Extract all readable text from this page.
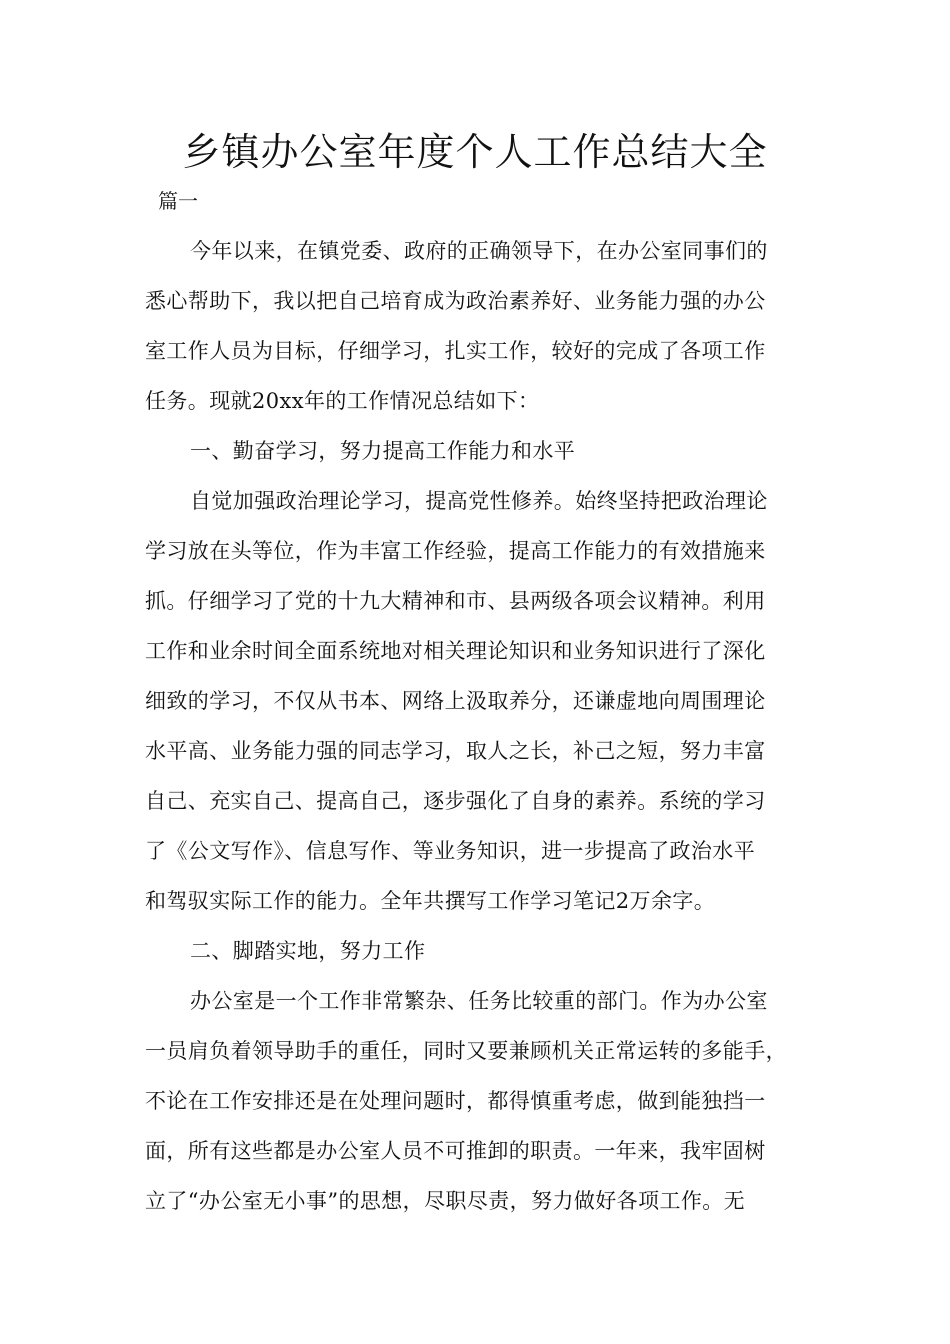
乡镇办公室年度个人工作总结大全
篇一
今年以来，在镇党委、政府的正确领导下，在办公室同事们的
悉心帮助下，我以把自己培育成为政治素养好、业务能力强的办公
室工作人员为目标，仔细学习，扎实工作，较好的完成了各项工作
任务。现就20xx年的工作情况总结如下：
一、勤奋学习，努力提高工作能力和水平
自觉加强政治理论学习，提高党性修养。始终坚持把政治理论
学习放在头等位，作为丰富工作经验，提高工作能力的有效措施来
抓。仔细学习了党的十九大精神和市、县两级各项会议精神。利用
工作和业余时间全面系统地对相关理论知识和业务知识进行了深化
细致的学习，不仅从书本、网络上汲取养分，还谦虚地向周围理论
水平高、业务能力强的同志学习，取人之长，补己之短，努力丰富
自己、充实自己、提高自己，逐步强化了自身的素养。系统的学习
了《公文写作》、信息写作、等业务知识，进一步提高了政治水平
和驾驭实际工作的能力。全年共撰写工作学习笔记2万余字。
二、脚踏实地，努力工作
办公室是一个工作非常繁杂、任务比较重的部门。作为办公室
一员肩负着领导助手的重任，同时又要兼顾机关正常运转的多能手，
不论在工作安排还是在处理问题时，都得慎重考虑，做到能独挡一
面，所有这些都是办公室人员不可推卸的职责。一年来，我牢固树
立了“办公室无小事”的思想，尽职尽责，努力做好各项工作。无
